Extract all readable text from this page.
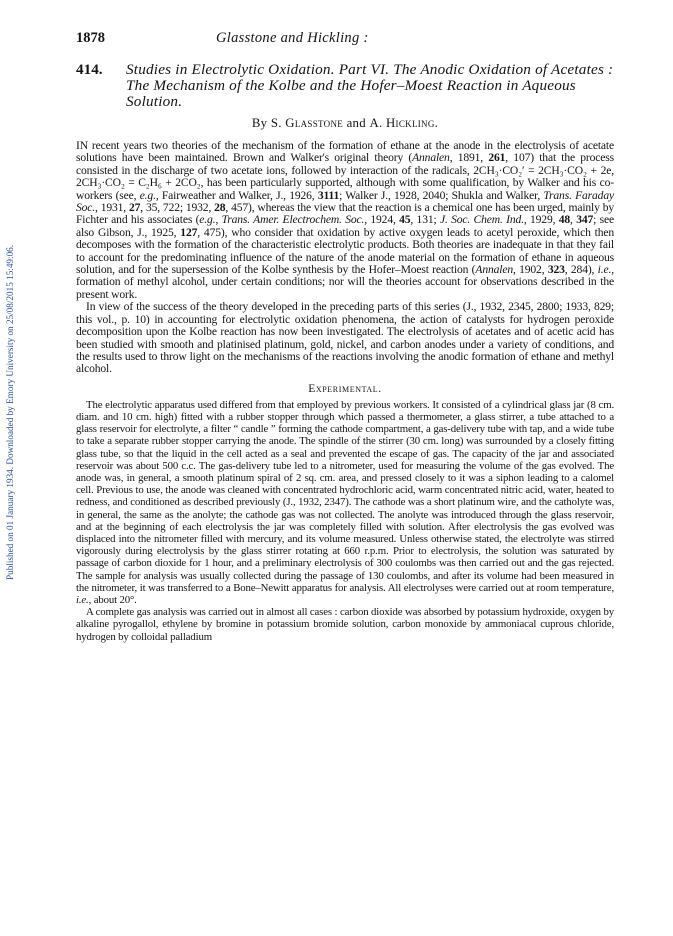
Published on 01 January 1934. Downloaded by Emory University on 25/08/2015 15:49:06.
1878	Glasstone and Hickling :
414. Studies in Electrolytic Oxidation. Part VI. The Anodic Oxidation of Acetates : The Mechanism of the Kolbe and the Hofer–Moest Reaction in Aqueous Solution.
By S. Glasstone and A. Hickling.

IN recent years two theories of the mechanism of the formation of ethane at the anode in the electrolysis of acetate solutions have been maintained. Brown and Walker's original theory (Annalen, 1891, 261, 107) that the process consisted in the discharge of two acetate ions, followed by interaction of the radicals, 2CH₃·CO₂′ = 2CH₃·CO₂ + 2e, 2CH₃·CO₂ = C₂H₆ + 2CO₂, has been particularly supported, although with some qualification, by Walker and his co-workers (see, e.g., Fairweather and Walker, J., 1926, 3111; Walker J., 1928, 2040; Shukla and Walker, Trans. Faraday Soc., 1931, 27, 35, 722; 1932, 28, 457), whereas the view that the reaction is a chemical one has been urged, mainly by Fichter and his associates (e.g., Trans. Amer. Electrochem. Soc., 1924, 45, 131; J. Soc. Chem. Ind., 1929, 48, 347; see also Gibson, J., 1925, 127, 475), who consider that oxidation by active oxygen leads to acetyl peroxide, which then decomposes with the formation of the characteristic electrolytic products. Both theories are inadequate in that they fail to account for the predominating influence of the nature of the anode material on the formation of ethane in aqueous solution, and for the supersession of the Kolbe synthesis by the Hofer–Moest reaction (Annalen, 1902, 323, 284), i.e., formation of methyl alcohol, under certain conditions; nor will the theories account for observations described in the present work.

In view of the success of the theory developed in the preceding parts of this series (J., 1932, 2345, 2800; 1933, 829; this vol., p. 10) in accounting for electrolytic oxidation phenomena, the action of catalysts for hydrogen peroxide decomposition upon the Kolbe reaction has now been investigated. The electrolysis of acetates and of acetic acid has been studied with smooth and platinised platinum, gold, nickel, and carbon anodes under a variety of conditions, and the results used to throw light on the mechanisms of the reactions involving the anodic formation of ethane and methyl alcohol.

Experimental.

The electrolytic apparatus used differed from that employed by previous workers. It consisted of a cylindrical glass jar (8 cm. diam. and 10 cm. high) fitted with a rubber stopper through which passed a thermometer, a glass stirrer, a tube attached to a glass reservoir for electrolyte, a filter “ candle ” forming the cathode compartment, a gas-delivery tube with tap, and a wide tube to take a separate rubber stopper carrying the anode. The spindle of the stirrer (30 cm. long) was surrounded by a closely fitting glass tube, so that the liquid in the cell acted as a seal and prevented the escape of gas. The capacity of the jar and associated reservoir was about 500 c.c. The gas-delivery tube led to a nitrometer, used for measuring the volume of the gas evolved. The anode was, in general, a smooth platinum spiral of 2 sq. cm. area, and pressed closely to it was a siphon leading to a calomel cell. Previous to use, the anode was cleaned with concentrated hydrochloric acid, warm concentrated nitric acid, water, heated to redness, and conditioned as described previously (J., 1932, 2347). The cathode was a short platinum wire, and the catholyte was, in general, the same as the anolyte; the cathode gas was not collected. The anolyte was introduced through the glass reservoir, and at the beginning of each electrolysis the jar was completely filled with solution. After electrolysis the gas evolved was displaced into the nitrometer filled with mercury, and its volume measured. Unless otherwise stated, the electrolyte was stirred vigorously during electrolysis by the glass stirrer rotating at 660 r.p.m. Prior to electrolysis, the solution was saturated by passage of carbon dioxide for 1 hour, and a preliminary electrolysis of 300 coulombs was then carried out and the gas rejected. The sample for analysis was usually collected during the passage of 130 coulombs, and after its volume had been measured in the nitrometer, it was transferred to a Bone–Newitt apparatus for analysis. All electrolyses were carried out at room temperature, i.e., about 20°.

A complete gas analysis was carried out in almost all cases : carbon dioxide was absorbed by potassium hydroxide, oxygen by alkaline pyrogallol, ethylene by bromine in potassium bromide solution, carbon monoxide by ammoniacal cuprous chloride, hydrogen by colloidal palladium
